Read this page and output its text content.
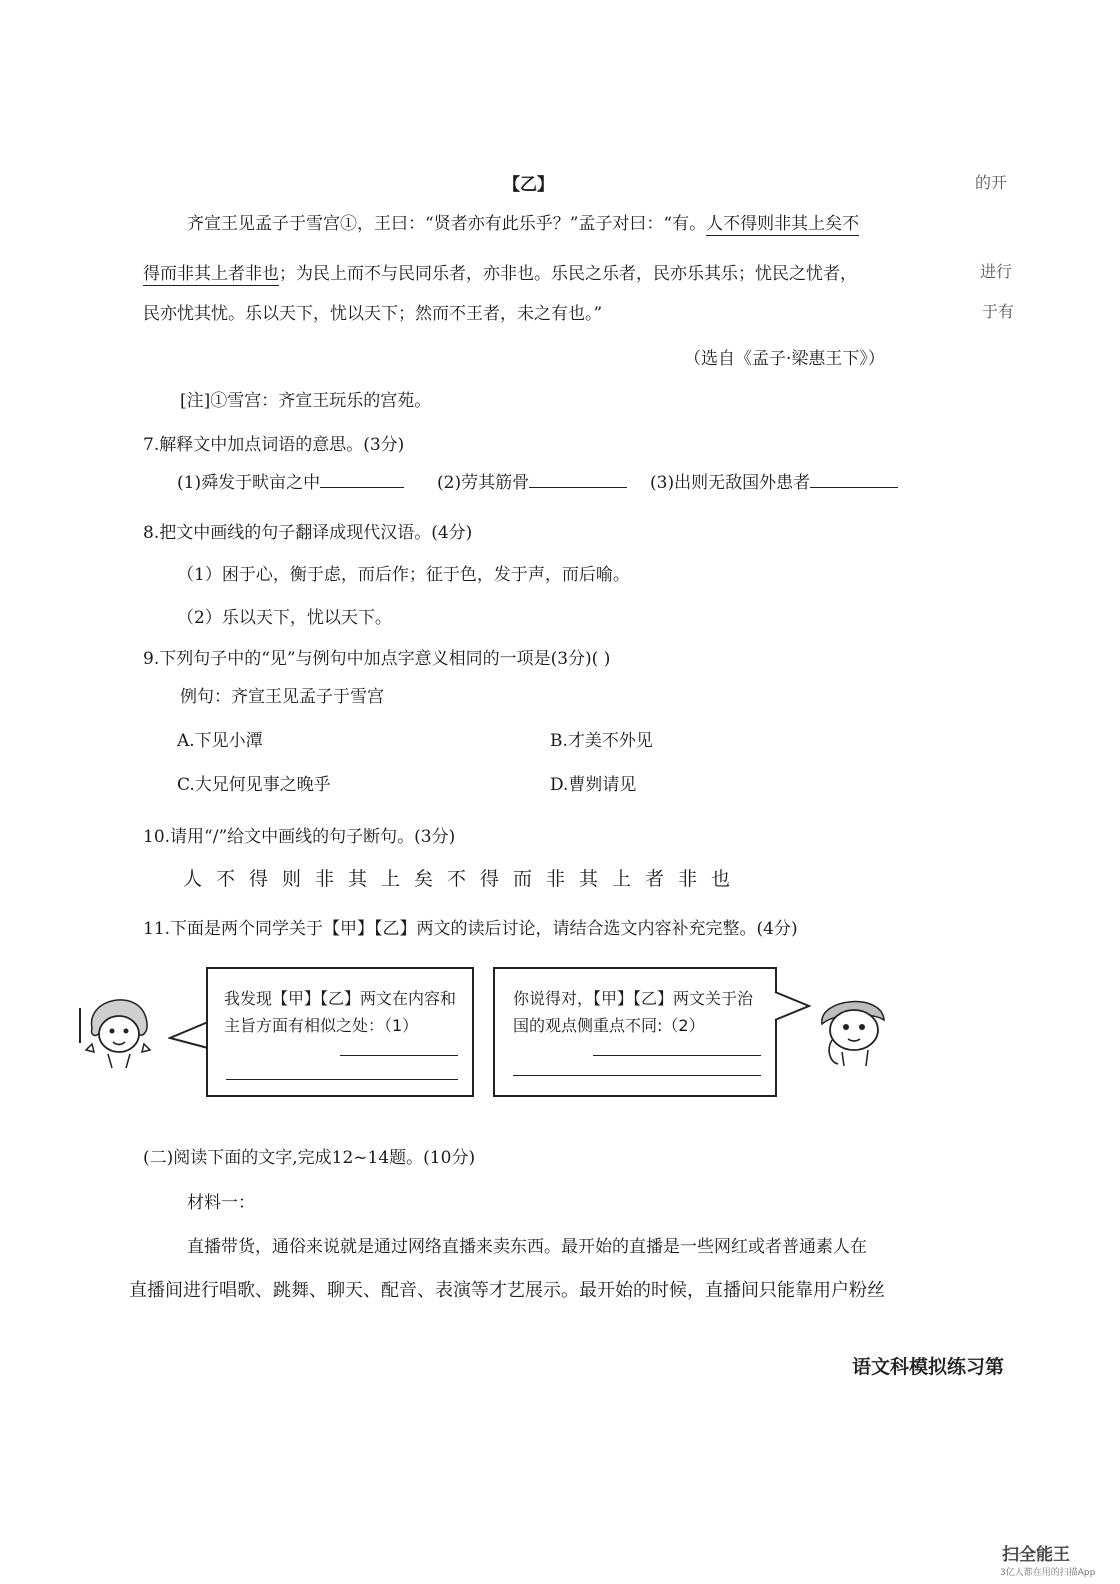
【乙】	的开
齐宣王见孟子于雪宫①，王曰：“贤者亦有此乐乎？”孟子对曰：“有。人不得则非其上矣不
得而非其上者非也；为民上而不与民同乐者，亦非也。乐民之乐者，民亦乐其乐；忧民之忧者，	进行
民亦忧其忧。乐以天下，忧以天下；然而不王者，未之有也。”	于有
（选自《孟子·梁惠王下》）
[注]①雪宫：齐宣王玩乐的宫苑。
7.解释文中加点词语的意思。(3分)
(1)舜发于畎亩之中	(2)劳其筋骨	(3)出则无敌国外患者
8.把文中画线的句子翻译成现代汉语。(4分)
（1）困于心，衡于虑，而后作；征于色，发于声，而后喻。
（2）乐以天下，忧以天下。
9.下列句子中的“见”与例句中加点字意义相同的一项是(3分)( )
例句：齐宣王见孟子于雪宫
A.下见小潭	B.才美不外见
C.大兄何见事之晚乎	D.曹刿请见
10.请用“/”给文中画线的句子断句。(3分)
人不得则非其上矣不得而非其上者非也
11.下面是两个同学关于【甲】【乙】两文的读后讨论，请结合选文内容补充完整。(4分)
我发现【甲】【乙】两文在内容和主旨方面有相似之处：（1）
你说得对，【甲】【乙】两文关于治国的观点侧重点不同:（2）
(二)阅读下面的文字,完成12~14题。(10分)
材料一：
直播带货，通俗来说就是通过网络直播来卖东西。最开始的直播是一些网红或者普通素人在
直播间进行唱歌、跳舞、聊天、配音、表演等才艺展示。最开始的时候，直播间只能靠用户粉丝
语文科模拟练习第
扫全能王
3亿人都在用的扫描App
